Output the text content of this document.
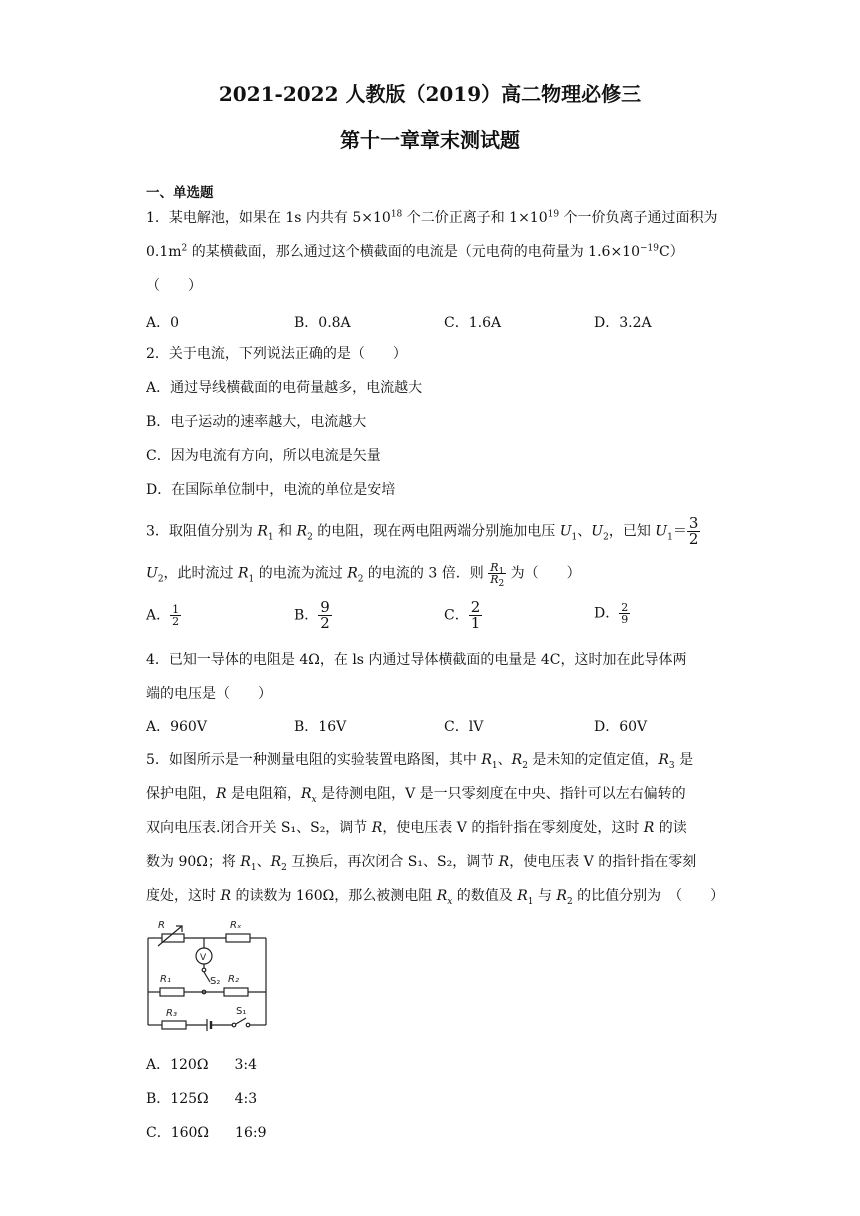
2021-2022 人教版（2019）高二物理必修三
第十一章章末测试题
一、单选题
1．某电解池，如果在 1s 内共有 $5\times 10^{18}$ 个二价正离子和 $1\times 10^{19}$ 个一价负离子通过面积为
$0.1m^2$ 的某横截面，那么通过这个横截面的电流是（元电荷的电荷量为 $1.6\times 10^{-19}C$）
（　　）
A．0	B．0.8A	C．1.6A	D．3.2A
2．关于电流，下列说法正确的是（　　）
A．通过导线横截面的电荷量越多，电流越大
B．电子运动的速率越大，电流越大
C．因为电流有方向，所以电流是矢量
D．在国际单位制中，电流的单位是安培
3．取阻值分别为 $R_1$ 和 $R_2$ 的电阻，现在两电阻两端分别施加电压 $U_1$、$U_2$，已知 $U_1= \frac{3}{2}$
$U_2$，此时流过 $R_1$ 的电流为流过 $R_2$ 的电流的 3 倍．则 $\frac{R_1}{R_2}$ 为（　　）
A． $\frac{1}{2}$	B． $\frac{9}{2}$	C． $\frac{2}{1}$	D． $\frac{2}{9}$
4．已知一导体的电阻是 4Ω，在 ls 内通过导体横截面的电量是 4C，这时加在此导体两
端的电压是（　　）
A．960V	B．16V	C．lV	D．60V
5．如图所示是一种测量电阻的实验装置电路图，其中 $R_1$、$R_2$ 是未知的定值定值，$R_3$ 是
保护电阻，R 是电阻箱，$R_x$ 是待测电阻，V 是一只零刻度在中央、指针可以左右偏转的
双向电压表.闭合开关 S₁、S₂，调节 R，使电压表 V 的指针指在零刻度处，这时 R 的读
数为 90Ω；将 $R_1$、$R_2$ 互换后，再次闭合 S₁、S₂，调节 R，使电压表 V 的指针指在零刻
度处，这时 R 的读数为 160Ω，那么被测电阻 $R_x$ 的数值及 $R_1$ 与 $R_2$ 的比值分别为　（　　）
R	Rₓ
V
R₁	R₂
S₂
R₃	S₁
A．120Ω 3:4
B．125Ω 4:3
C．160Ω 16:9
